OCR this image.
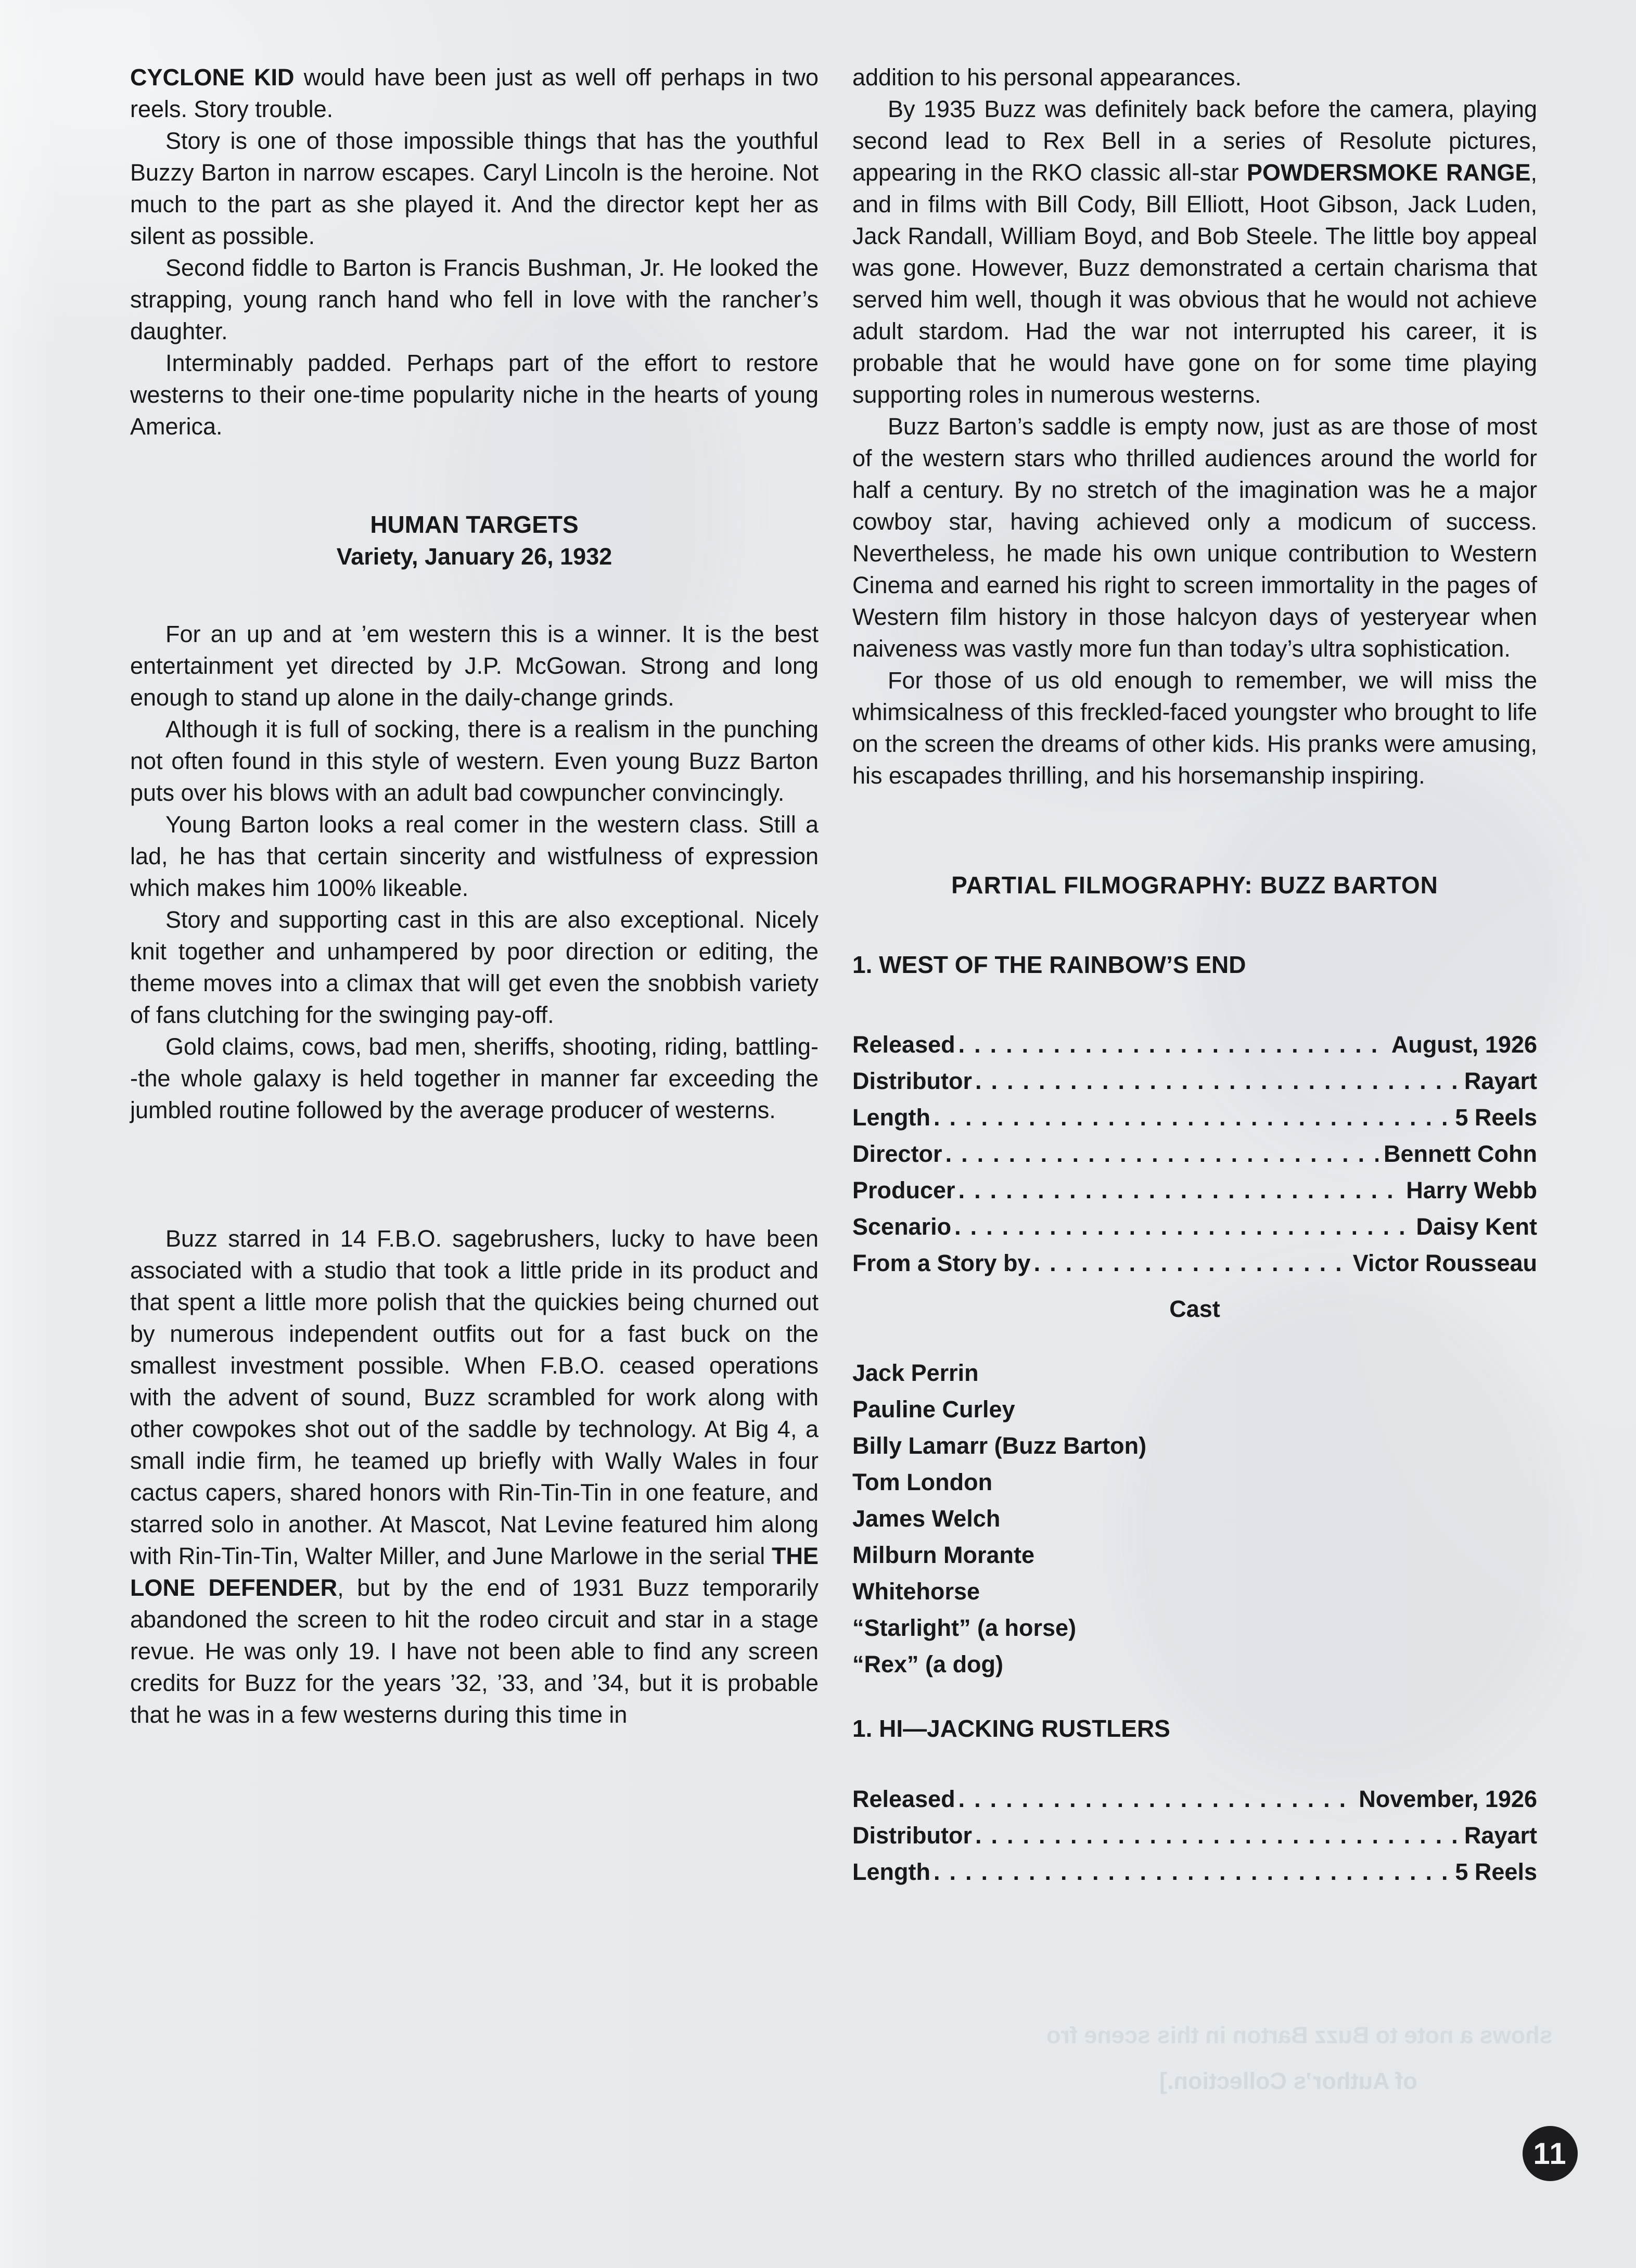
shows a note to Buzz Barton in this scene fro
of Author’s Collection.]

CYCLONE KID would have been just as well off perhaps in two reels. Story trouble.

Story is one of those impossible things that has the youthful Buzzy Barton in narrow escapes. Caryl Lincoln is the heroine. Not much to the part as she played it. And the director kept her as silent as possible.

Second fiddle to Barton is Francis Bushman, Jr. He looked the strapping, young ranch hand who fell in love with the rancher’s daughter.

Interminably padded. Perhaps part of the effort to restore westerns to their one-time popularity niche in the hearts of young America.

HUMAN TARGETS

Variety, January 26, 1932

For an up and at ’em western this is a winner. It is the best entertainment yet directed by J.P. McGowan. Strong and long enough to stand up alone in the daily-change grinds.

Although it is full of socking, there is a realism in the punching not often found in this style of western. Even young Buzz Barton puts over his blows with an adult bad cowpuncher convincingly.

Young Barton looks a real comer in the western class. Still a lad, he has that certain sincerity and wistfulness of expression which makes him 100% likeable.

Story and supporting cast in this are also exceptional. Nicely knit together and unhampered by poor direction or editing, the theme moves into a climax that will get even the snobbish variety of fans clutching for the swinging pay-off.

Gold claims, cows, bad men, sheriffs, shooting, riding, battling--the whole galaxy is held together in manner far exceeding the jumbled routine followed by the average producer of westerns.

Buzz starred in 14 F.B.O. sagebrushers, lucky to have been associated with a studio that took a little pride in its product and that spent a little more polish that the quickies being churned out by numerous independent outfits out for a fast buck on the smallest investment possible. When F.B.O. ceased operations with the advent of sound, Buzz scrambled for work along with other cowpokes shot out of the saddle by technology. At Big 4, a small indie firm, he teamed up briefly with Wally Wales in four cactus capers, shared honors with Rin-Tin-Tin in one feature, and starred solo in another. At Mascot, Nat Levine featured him along with Rin-Tin-Tin, Walter Miller, and June Marlowe in the serial THE LONE DEFENDER, but by the end of 1931 Buzz temporarily abandoned the screen to hit the rodeo circuit and star in a stage revue. He was only 19. I have not been able to find any screen credits for Buzz for the years ’32, ’33, and ’34, but it is probable that he was in a few westerns during this time in

addition to his personal appearances.

By 1935 Buzz was definitely back before the camera, playing second lead to Rex Bell in a series of Resolute pictures, appearing in the RKO classic all-star POWDERSMOKE RANGE, and in films with Bill Cody, Bill Elliott, Hoot Gibson, Jack Luden, Jack Randall, William Boyd, and Bob Steele. The little boy appeal was gone. However, Buzz demonstrated a certain charisma that served him well, though it was obvious that he would not achieve adult stardom. Had the war not interrupted his career, it is probable that he would have gone on for some time playing supporting roles in numerous westerns.

Buzz Barton’s saddle is empty now, just as are those of most of the western stars who thrilled audiences around the world for half a century. By no stretch of the imagination was he a major cowboy star, having achieved only a modicum of success. Nevertheless, he made his own unique contribution to Western Cinema and earned his right to screen immortality in the pages of Western film history in those halcyon days of yesteryear when naiveness was vastly more fun than today’s ultra sophistication.

For those of us old enough to remember, we will miss the whimsicalness of this freckled-faced youngster who brought to life on the screen the dreams of other kids. His pranks were amusing, his escapades thrilling, and his horsemanship inspiring.

PARTIAL FILMOGRAPHY: BUZZ BARTON
1. WEST OF THE RAINBOW’S END
Released .....	August, 1926
Distributor .....	Rayart
Length .....	5 Reels
Director .....	Bennett Cohn
Producer .....	Harry Webb
Scenario .....	Daisy Kent
From a Story by .....	Victor Rousseau
Cast
Jack Perrin
Pauline Curley
Billy Lamarr (Buzz Barton)
Tom London
James Welch
Milburn Morante
Whitehorse
“Starlight” (a horse)
“Rex” (a dog)
1. HI—JACKING RUSTLERS
Released .....	November, 1926
Distributor .....	Rayart
Length .....	5 Reels
11
